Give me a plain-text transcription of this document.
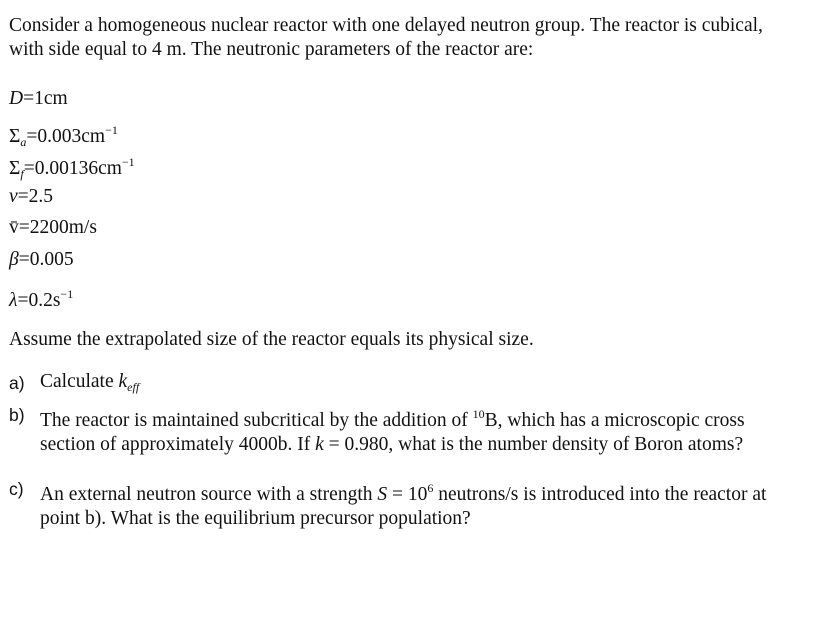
Consider a homogeneous nuclear reactor with one delayed neutron group. The reactor is cubical, with side equal to 4 m. The neutronic parameters of the reactor are:

D=1cm
$\Sigma_a=0.003cm^{-1}$
$\Sigma_f=0.00136cm^{-1}$
ν=2.5
v̄=2200m/s
β=0.005
$\lambda=0.2s^{-1}$

Assume the extrapolated size of the reactor equals its physical size.

a) Calculate $k_{eff}$
b) The reactor is maintained subcritical by the addition of $^{10}$B, which has a microscopic cross section of approximately 4000b. If k = 0.980, what is the number density of Boron atoms?
c) An external neutron source with a strength $S = 10^6$ neutrons/s is introduced into the reactor at point b). What is the equilibrium precursor population?
